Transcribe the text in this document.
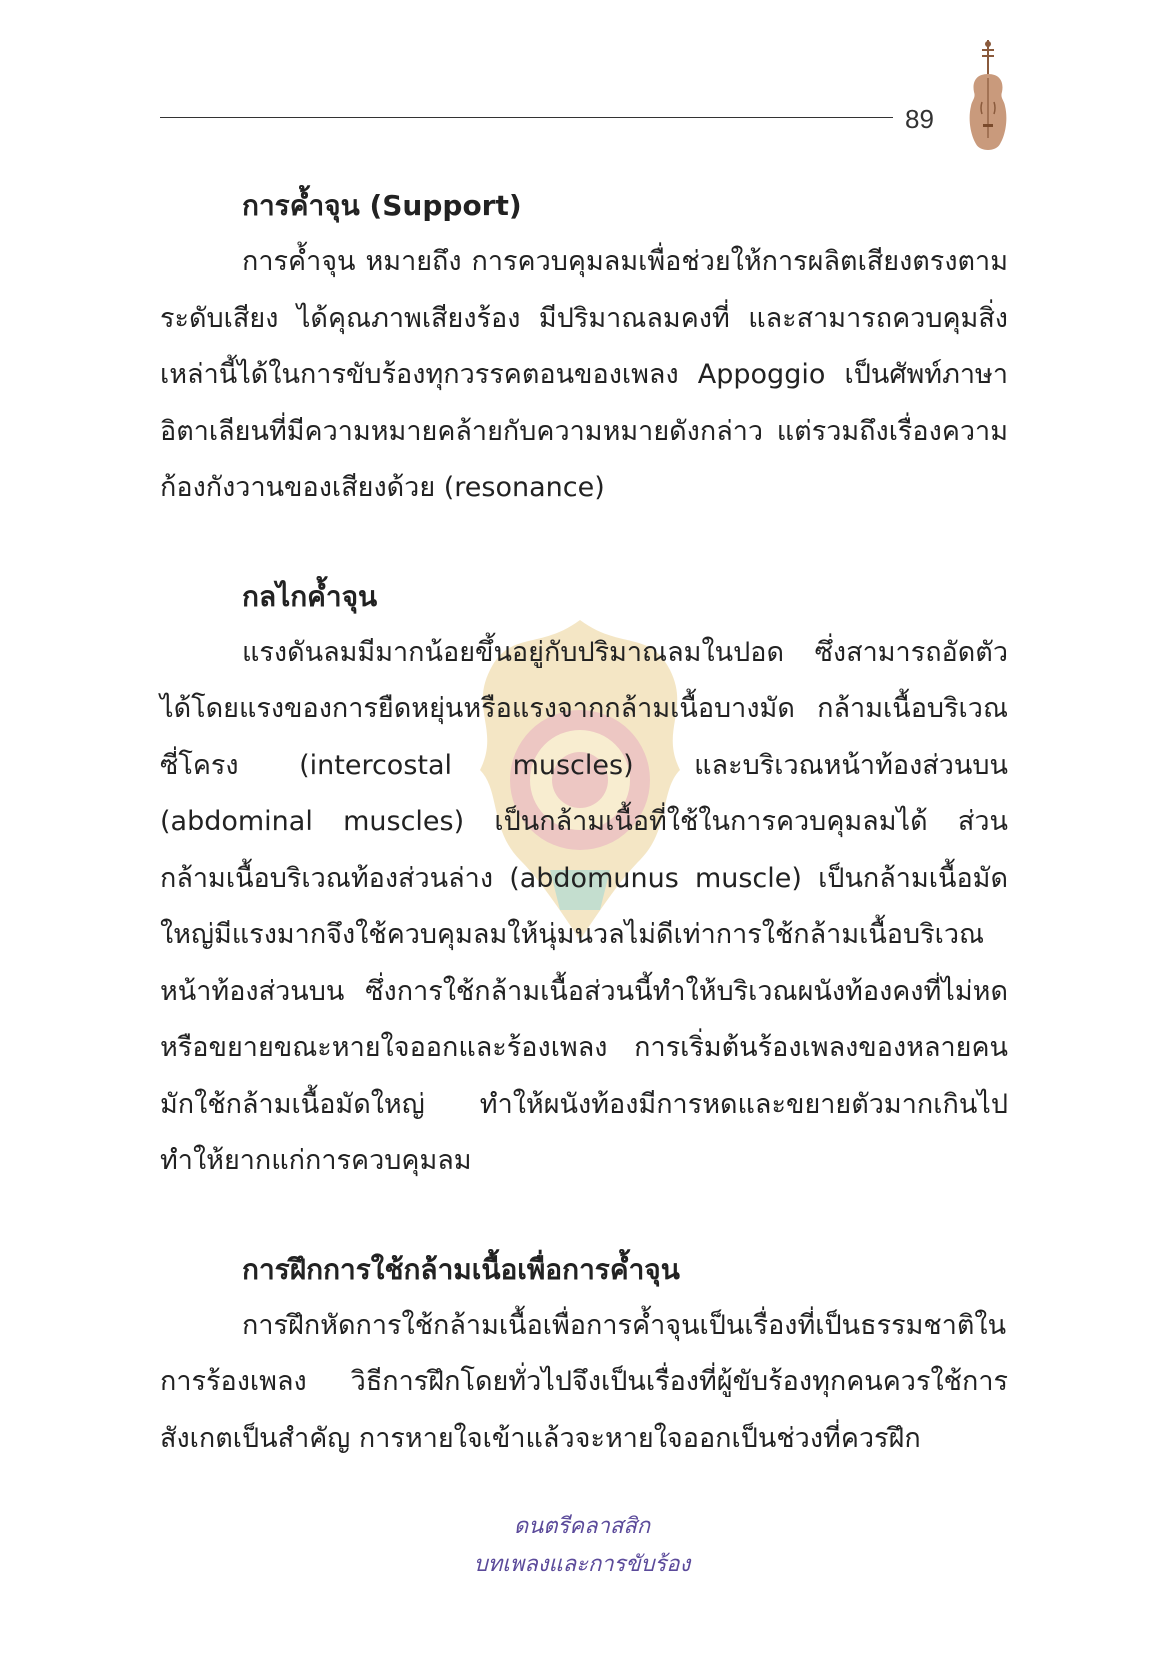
89

การค้ำจุน (Support)

การค้ำจุน หมายถึง การควบคุมลมเพื่อช่วยให้การผลิตเสียงตรงตามระดับเสียง ได้คุณภาพเสียงร้อง มีปริมาณลมคงที่ และสามารถควบคุมสิ่งเหล่านี้ได้ในการขับร้องทุกวรรคตอนของเพลง Appoggio เป็นศัพท์ภาษาอิตาเลียนที่มีความหมายคล้ายกับความหมายดังกล่าว แต่รวมถึงเรื่องความก้องกังวานของเสียงด้วย (resonance)

กลไกค้ำจุน

แรงดันลมมีมากน้อยขึ้นอยู่กับปริมาณลมในปอด ซึ่งสามารถอัดตัวได้โดยแรงของการยืดหยุ่นหรือแรงจากกล้ามเนื้อบางมัด กล้ามเนื้อบริเวณซี่โครง (intercostal muscles) และบริเวณหน้าท้องส่วนบน (abdominal muscles) เป็นกล้ามเนื้อที่ใช้ในการควบคุมลมได้ ส่วนกล้ามเนื้อบริเวณท้องส่วนล่าง (abdomunus muscle) เป็นกล้ามเนื้อมัดใหญ่มีแรงมากจึงใช้ควบคุมลมให้นุ่มนวลไม่ดีเท่าการใช้กล้ามเนื้อบริเวณหน้าท้องส่วนบน ซึ่งการใช้กล้ามเนื้อส่วนนี้ทำให้บริเวณผนังท้องคงที่ไม่หดหรือขยายขณะหายใจออกและร้องเพลง การเริ่มต้นร้องเพลงของหลายคนมักใช้กล้ามเนื้อมัดใหญ่ ทำให้ผนังท้องมีการหดและขยายตัวมากเกินไปทำให้ยากแก่การควบคุมลม

การฝึกการใช้กล้ามเนื้อเพื่อการค้ำจุน

การฝึกหัดการใช้กล้ามเนื้อเพื่อการค้ำจุนเป็นเรื่องที่เป็นธรรมชาติในการร้องเพลง วิธีการฝึกโดยทั่วไปจึงเป็นเรื่องที่ผู้ขับร้องทุกคนควรใช้การสังเกตเป็นสำคัญ การหายใจเข้าแล้วจะหายใจออกเป็นช่วงที่ควรฝึก

ดนตรีคลาสสิก
บทเพลงและการขับร้อง
